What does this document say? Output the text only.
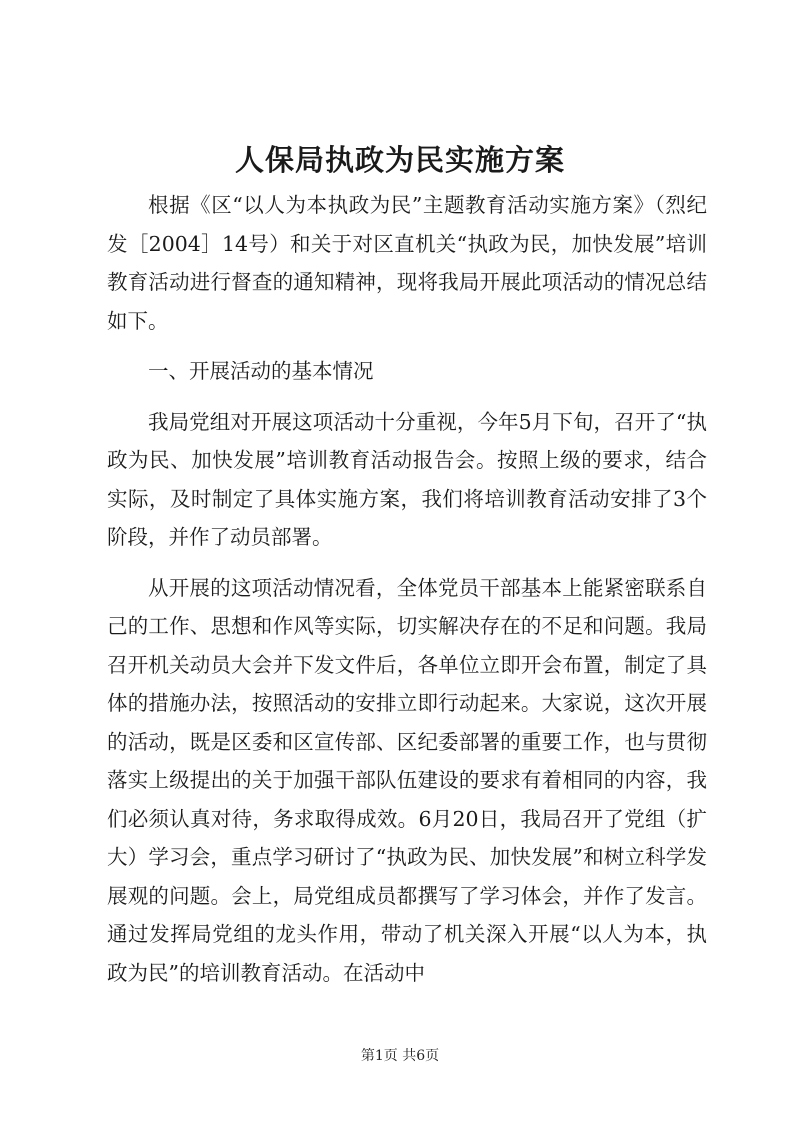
人保局执政为民实施方案

根据《区“以人为本执政为民”主题教育活动实施方案》（烈纪发［2004］14号）和关于对区直机关“执政为民，加快发展”培训教育活动进行督查的通知精神，现将我局开展此项活动的情况总结如下。

一、开展活动的基本情况

我局党组对开展这项活动十分重视，今年5月下旬，召开了“执政为民、加快发展”培训教育活动报告会。按照上级的要求，结合实际，及时制定了具体实施方案，我们将培训教育活动安排了3个阶段，并作了动员部署。

从开展的这项活动情况看，全体党员干部基本上能紧密联系自己的工作、思想和作风等实际，切实解决存在的不足和问题。我局召开机关动员大会并下发文件后，各单位立即开会布置，制定了具体的措施办法，按照活动的安排立即行动起来。大家说，这次开展的活动，既是区委和区宣传部、区纪委部署的重要工作，也与贯彻落实上级提出的关于加强干部队伍建设的要求有着相同的内容，我们必须认真对待，务求取得成效。6月20日，我局召开了党组（扩大）学习会，重点学习研讨了“执政为民、加快发展”和树立科学发展观的问题。会上，局党组成员都撰写了学习体会，并作了发言。通过发挥局党组的龙头作用，带动了机关深入开展“以人为本，执政为民”的培训教育活动。在活动中

第1页 共6页
